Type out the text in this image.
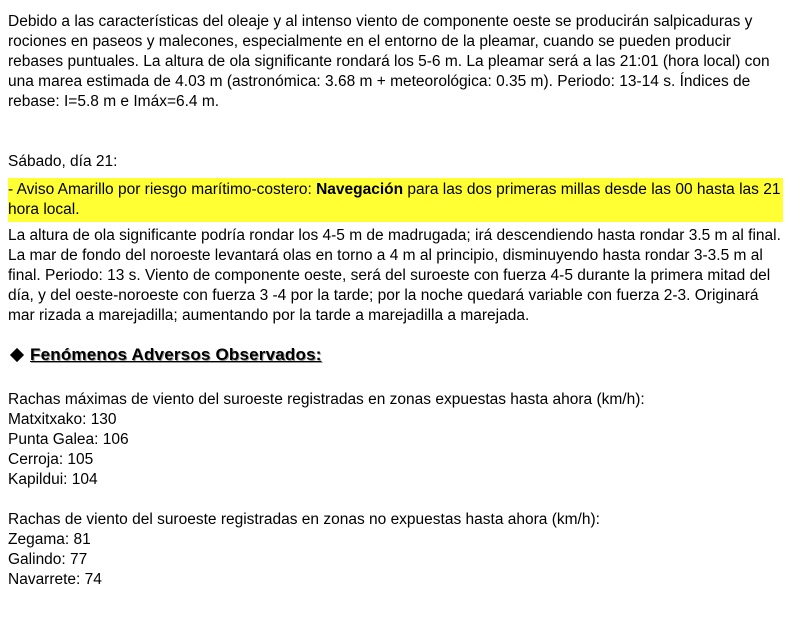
Debido a las características del oleaje y al intenso viento de componente oeste se producirán salpicaduras y rociones en paseos y malecones, especialmente en el entorno de la pleamar, cuando se pueden producir rebases puntuales. La altura de ola significante rondará los 5-6 m. La pleamar será a las 21:01 (hora local) con una marea estimada de 4.03 m (astronómica: 3.68 m + meteorológica: 0.35 m). Periodo: 13-14 s. Índices de rebase: I=5.8 m e Imáx=6.4 m.

Sábado, día 21:

- Aviso Amarillo por riesgo marítimo-costero: Navegación para las dos primeras millas desde las 00 hasta las 21 hora local.

La altura de ola significante podría rondar los 4-5 m de madrugada; irá descendiendo hasta rondar 3.5 m al final. La mar de fondo del noroeste levantará olas en torno a 4 m al principio, disminuyendo hasta rondar 3-3.5 m al final. Periodo: 13 s. Viento de componente oeste, será del suroeste con fuerza 4-5 durante la primera mitad del día, y del oeste-noroeste con fuerza 3 -4 por la tarde; por la noche quedará variable con fuerza 2-3. Originará mar rizada a marejadilla; aumentando por la tarde a marejadilla a marejada.

Fenómenos Adversos Observados:

Rachas máximas de viento del suroeste registradas en zonas expuestas hasta ahora (km/h):

Matxitxako: 130
Punta Galea: 106
Cerroja: 105
Kapildui: 104

Rachas de viento del suroeste registradas en zonas no expuestas hasta ahora (km/h):

Zegama: 81
Galindo: 77
Navarrete: 74
